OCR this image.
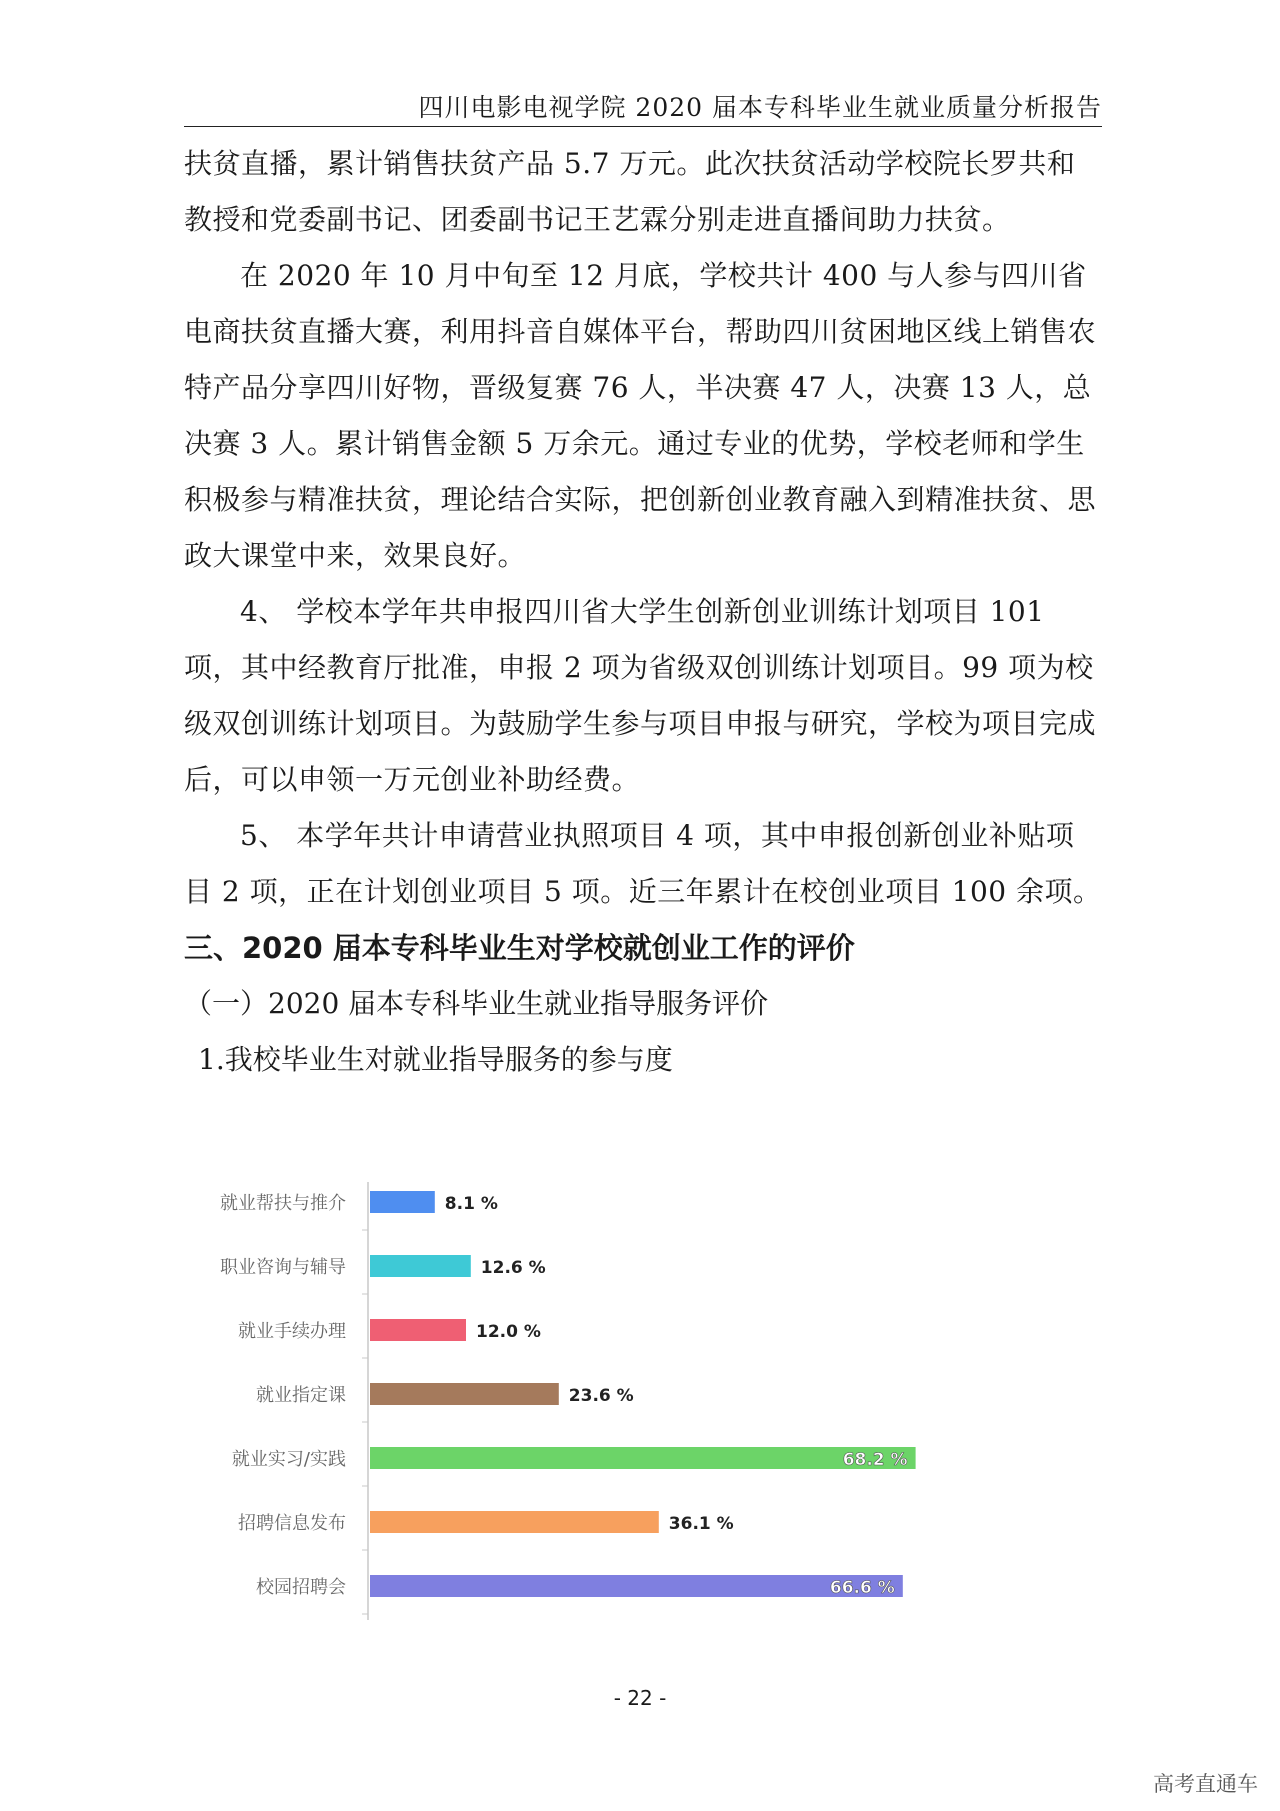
四川电影电视学院 2020 届本专科毕业生就业质量分析报告

扶贫直播，累计销售扶贫产品 5.7 万元。此次扶贫活动学校院长罗共和教授和党委副书记、团委副书记王艺霖分别走进直播间助力扶贫。

在 2020 年 10 月中旬至 12 月底，学校共计 400 与人参与四川省电商扶贫直播大赛，利用抖音自媒体平台，帮助四川贫困地区线上销售农特产品分享四川好物，晋级复赛 76 人，半决赛 47 人，决赛 13 人，总决赛 3 人。累计销售金额 5 万余元。通过专业的优势，学校老师和学生积极参与精准扶贫，理论结合实际，把创新创业教育融入到精准扶贫、思政大课堂中来，效果良好。

4、 学校本学年共申报四川省大学生创新创业训练计划项目 101 项，其中经教育厅批准，申报 2 项为省级双创训练计划项目。99 项为校级双创训练计划项目。为鼓励学生参与项目申报与研究，学校为项目完成后，可以申领一万元创业补助经费。

5、 本学年共计申请营业执照项目 4 项，其中申报创新创业补贴项目 2 项，正在计划创业项目 5 项。近三年累计在校创业项目 100 余项。

三、2020 届本专科毕业生对学校就创业工作的评价

（一）2020 届本专科毕业生就业指导服务评价

1.我校毕业生对就业指导服务的参与度

就业帮扶与推介	8.1 %
职业咨询与辅导	12.6 %
就业手续办理	12.0 %
就业指定课	23.6 %
就业实习/实践	68.2 %
招聘信息发布	36.1 %
校园招聘会	66.6 %
- 22 -
高考直通车
